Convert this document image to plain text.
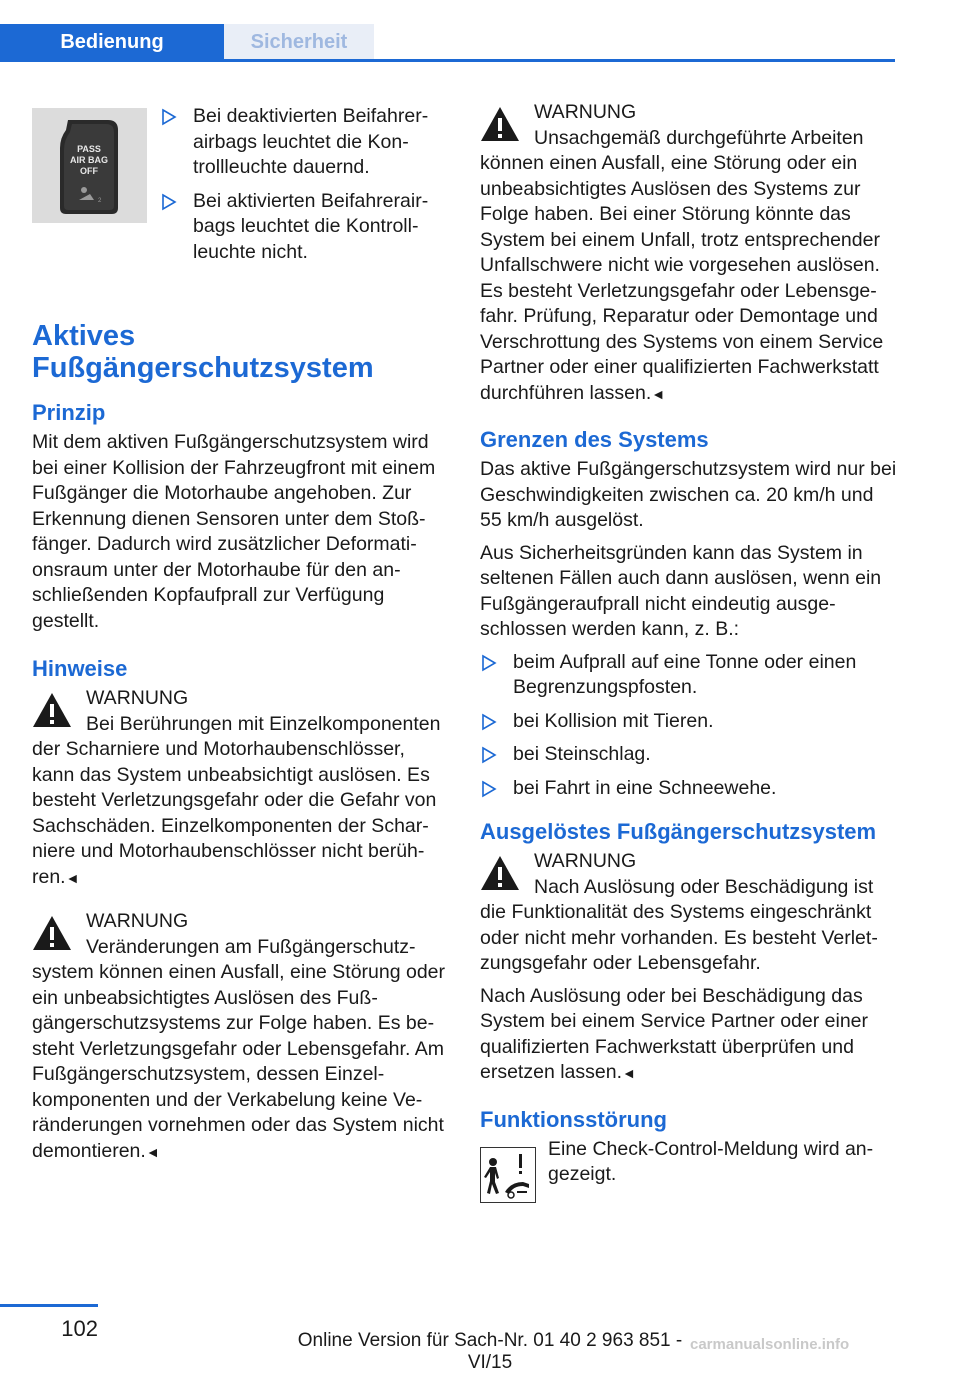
Bedienung	Sicherheit
PASS
AIR BAG
OFF
2
Bei deaktivierten Beifahrerairbags leuchtet die Kontrollleuchte dauernd.
Bei aktivierten Beifahrerairbags leuchtet die Kontrollleuchte nicht.
Aktives Fußgängerschutzsystem
Prinzip
Mit dem aktiven Fußgängerschutzsystem wird bei einer Kollision der Fahrzeugfront mit einem Fußgänger die Motorhaube angehoben. Zur Erkennung dienen Sensoren unter dem Stoßfänger. Dadurch wird zusätzlicher Deformationsraum unter der Motorhaube für den anschließenden Kopfaufprall zur Verfügung gestellt.
Hinweise
WARNUNG
Bei Berührungen mit Einzelkomponenten der Scharniere und Motorhaubenschlösser, kann das System unbeabsichtigt auslösen. Es besteht Verletzungsgefahr oder die Gefahr von Sachschäden. Einzelkomponenten der Scharniere und Motorhaubenschlösser nicht berühren.◄
WARNUNG
Veränderungen am Fußgängerschutzsystem können einen Ausfall, eine Störung oder ein unbeabsichtigtes Auslösen des Fußgängerschutzsystems zur Folge haben. Es besteht Verletzungsgefahr oder Lebensgefahr. Am Fußgängerschutzsystem, dessen Einzelkomponenten und der Verkabelung keine Veränderungen vornehmen oder das System nicht demontieren.◄
WARNUNG
Unsachgemäß durchgeführte Arbeiten können einen Ausfall, eine Störung oder ein unbeabsichtigtes Auslösen des Systems zur Folge haben. Bei einer Störung könnte das System bei einem Unfall, trotz entsprechender Unfallschwere nicht wie vorgesehen auslösen. Es besteht Verletzungsgefahr oder Lebensgefahr. Prüfung, Reparatur oder Demontage und Verschrottung des Systems von einem Service Partner oder einer qualifizierten Fachwerkstatt durchführen lassen.◄
Grenzen des Systems
Das aktive Fußgängerschutzsystem wird nur bei Geschwindigkeiten zwischen ca. 20 km/h und 55 km/h ausgelöst.
Aus Sicherheitsgründen kann das System in seltenen Fällen auch dann auslösen, wenn ein Fußgängeraufprall nicht eindeutig ausgeschlossen werden kann, z. B.:
beim Aufprall auf eine Tonne oder einen Begrenzungspfosten.
bei Kollision mit Tieren.
bei Steinschlag.
bei Fahrt in eine Schneewehe.
Ausgelöstes Fußgängerschutzsystem
WARNUNG
Nach Auslösung oder Beschädigung ist die Funktionalität des Systems eingeschränkt oder nicht mehr vorhanden. Es besteht Verletzungsgefahr oder Lebensgefahr.
Nach Auslösung oder bei Beschädigung das System bei einem Service Partner oder einer qualifizierten Fachwerkstatt überprüfen und ersetzen lassen.◄
Funktionsstörung
Eine Check-Control-Meldung wird angezeigt.
102	Online Version für Sach-Nr. 01 40 2 963 851 - VI/15
carmanualsonline.info
